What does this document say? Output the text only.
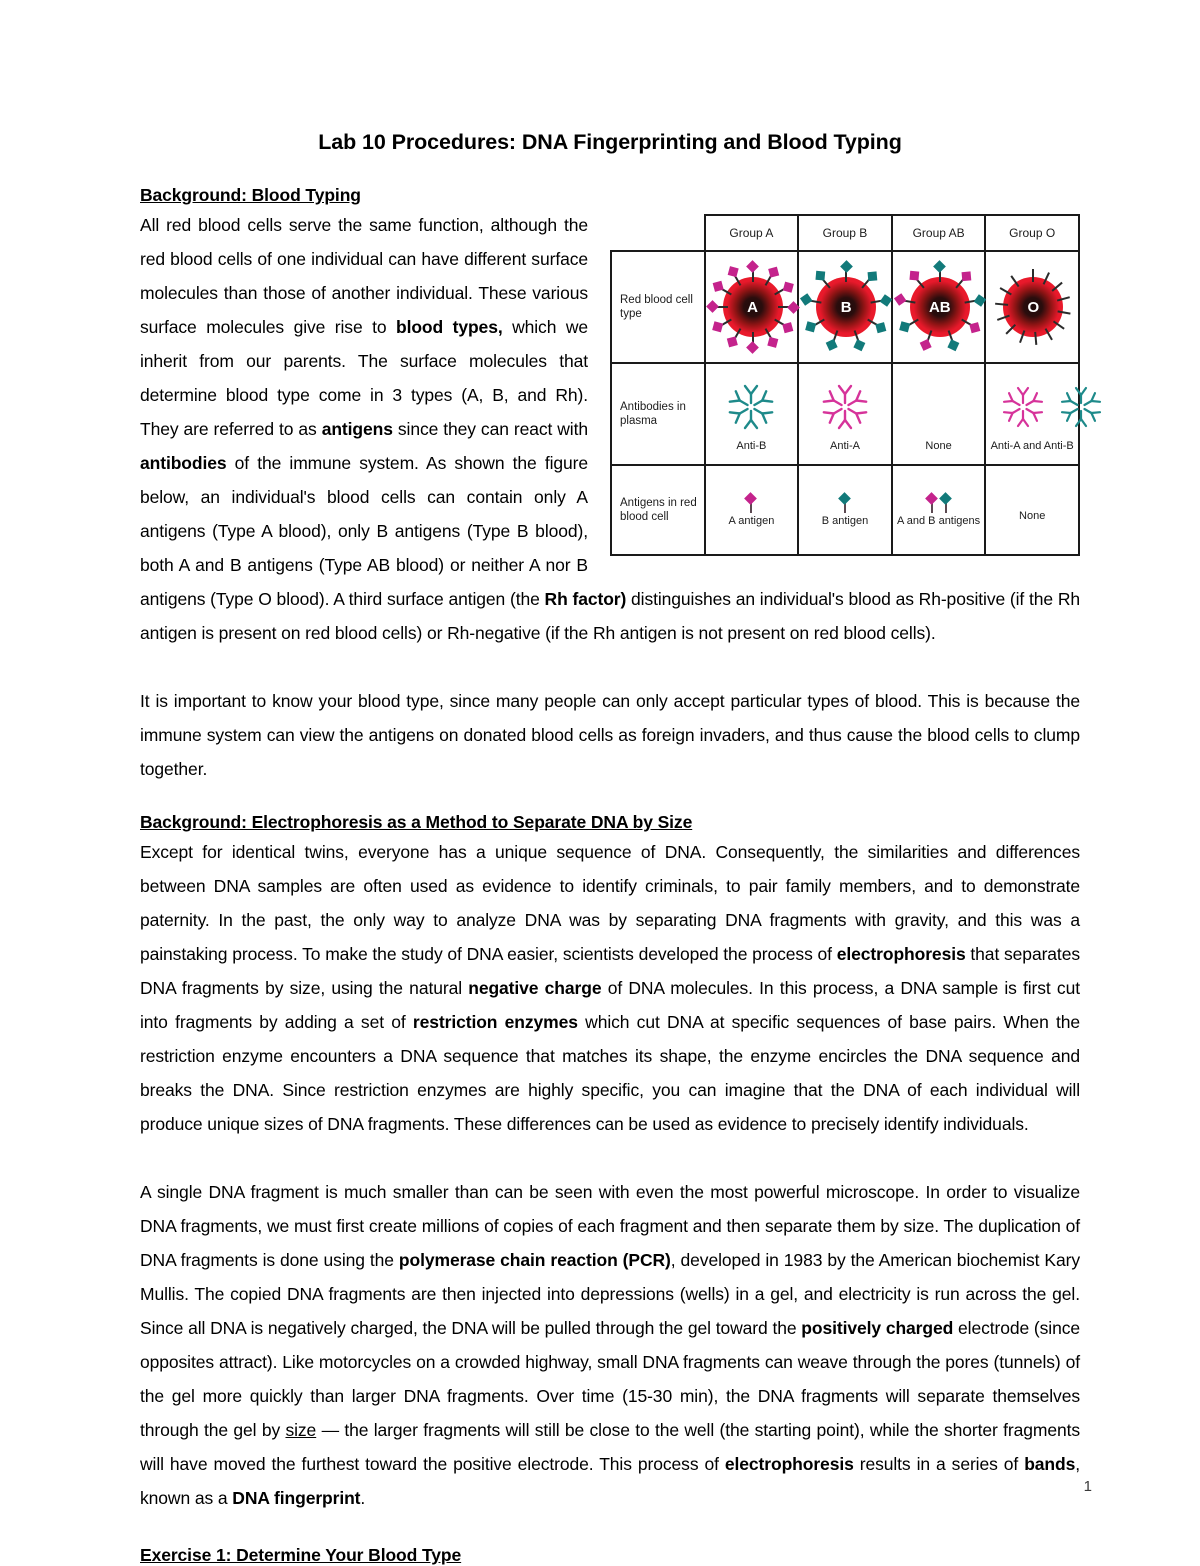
Lab 10 Procedures: DNA Fingerprinting and Blood Typing
Background: Blood Typing
	Group A	Group B	Group AB	Group O
Red blood cell type	A	B	AB	O

Antibodies in plasma	Anti-B	Anti-A	None	Anti-A and Anti-B

Antigens in red blood cell	A antigen	B antigen	A and B antigens	None

All red blood cells serve the same function, although the red blood cells of one individual can have different surface molecules than those of another individual. These various surface molecules give rise to blood types, which we inherit from our parents. The surface molecules that determine blood type come in 3 types (A, B, and Rh). They are referred to as antigens since they can react with antibodies of the immune system. As shown the figure below, an individual's blood cells can contain only A antigens (Type A blood), only B antigens (Type B blood), both A and B antigens (Type AB blood) or neither A nor B antigens (Type O blood). A third surface antigen (the Rh factor) distinguishes an individual's blood as Rh-positive (if the Rh antigen is present on red blood cells) or Rh-negative (if the Rh antigen is not present on red blood cells).

It is important to know your blood type, since many people can only accept particular types of blood. This is because the immune system can view the antigens on donated blood cells as foreign invaders, and thus cause the blood cells to clump together.

Background: Electrophoresis as a Method to Separate DNA by Size

Except for identical twins, everyone has a unique sequence of DNA. Consequently, the similarities and differences between DNA samples are often used as evidence to identify criminals, to pair family members, and to demonstrate paternity. In the past, the only way to analyze DNA was by separating DNA fragments with gravity, and this was a painstaking process. To make the study of DNA easier, scientists developed the process of electrophoresis that separates DNA fragments by size, using the natural negative charge of DNA molecules. In this process, a DNA sample is first cut into fragments by adding a set of restriction enzymes which cut DNA at specific sequences of base pairs. When the restriction enzyme encounters a DNA sequence that matches its shape, the enzyme encircles the DNA sequence and breaks the DNA. Since restriction enzymes are highly specific, you can imagine that the DNA of each individual will produce unique sizes of DNA fragments. These differences can be used as evidence to precisely identify individuals.

A single DNA fragment is much smaller than can be seen with even the most powerful microscope. In order to visualize DNA fragments, we must first create millions of copies of each fragment and then separate them by size. The duplication of DNA fragments is done using the polymerase chain reaction (PCR), developed in 1983 by the American biochemist Kary Mullis. The copied DNA fragments are then injected into depressions (wells) in a gel, and electricity is run across the gel. Since all DNA is negatively charged, the DNA will be pulled through the gel toward the positively charged electrode (since opposites attract). Like motorcycles on a crowded highway, small DNA fragments can weave through the pores (tunnels) of the gel more quickly than larger DNA fragments. Over time (15-30 min), the DNA fragments will separate themselves through the gel by size — the larger fragments will still be close to the well (the starting point), while the shorter fragments will have moved the furthest toward the positive electrode. This process of electrophoresis results in a series of bands, known as a DNA fingerprint.

Exercise 1: Determine Your Blood Type
1
